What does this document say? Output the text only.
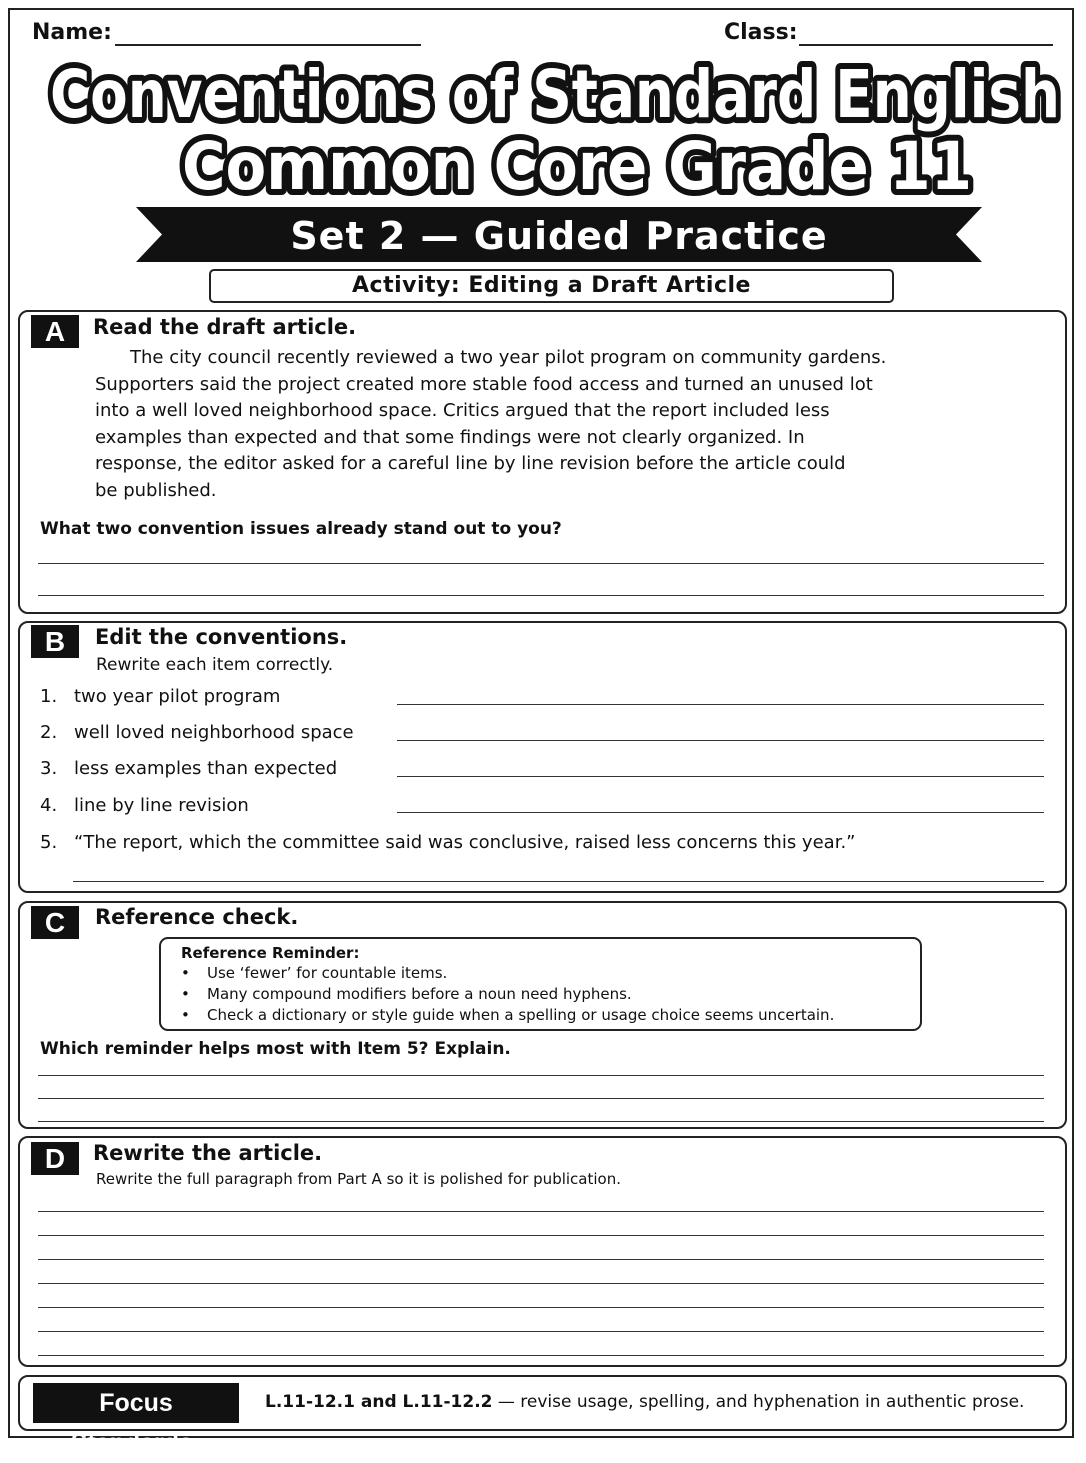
Name:	Class:
Conventions of Standard English
Common Core Grade 11
Set 2 — Guided Practice
Activity: Editing a Draft Article
A	Read the draft article.
The city council recently reviewed a two year pilot program on community gardens.
Supporters said the project created more stable food access and turned an unused lot
into a well loved neighborhood space. Critics argued that the report included less
examples than expected and that some findings were not clearly organized. In
response, the editor asked for a careful line by line revision before the article could
be published.
What two convention issues already stand out to you?
B	Edit the conventions.
Rewrite each item correctly.
1. two year pilot program
2. well loved neighborhood space
3. less examples than expected
4. line by line revision
5. “The report, which the committee said was conclusive, raised less concerns this year.”
C	Reference check.
Reference Reminder:
• Use ‘fewer’ for countable items.
• Many compound modifiers before a noun need hyphens.
• Check a dictionary or style guide when a spelling or usage choice seems uncertain.
Which reminder helps most with Item 5? Explain.
D	Rewrite the article.
Rewrite the full paragraph from Part A so it is polished for publication.
Focus Standards:
L.11-12.1 and L.11-12.2 — revise usage, spelling, and hyphenation in authentic prose.
